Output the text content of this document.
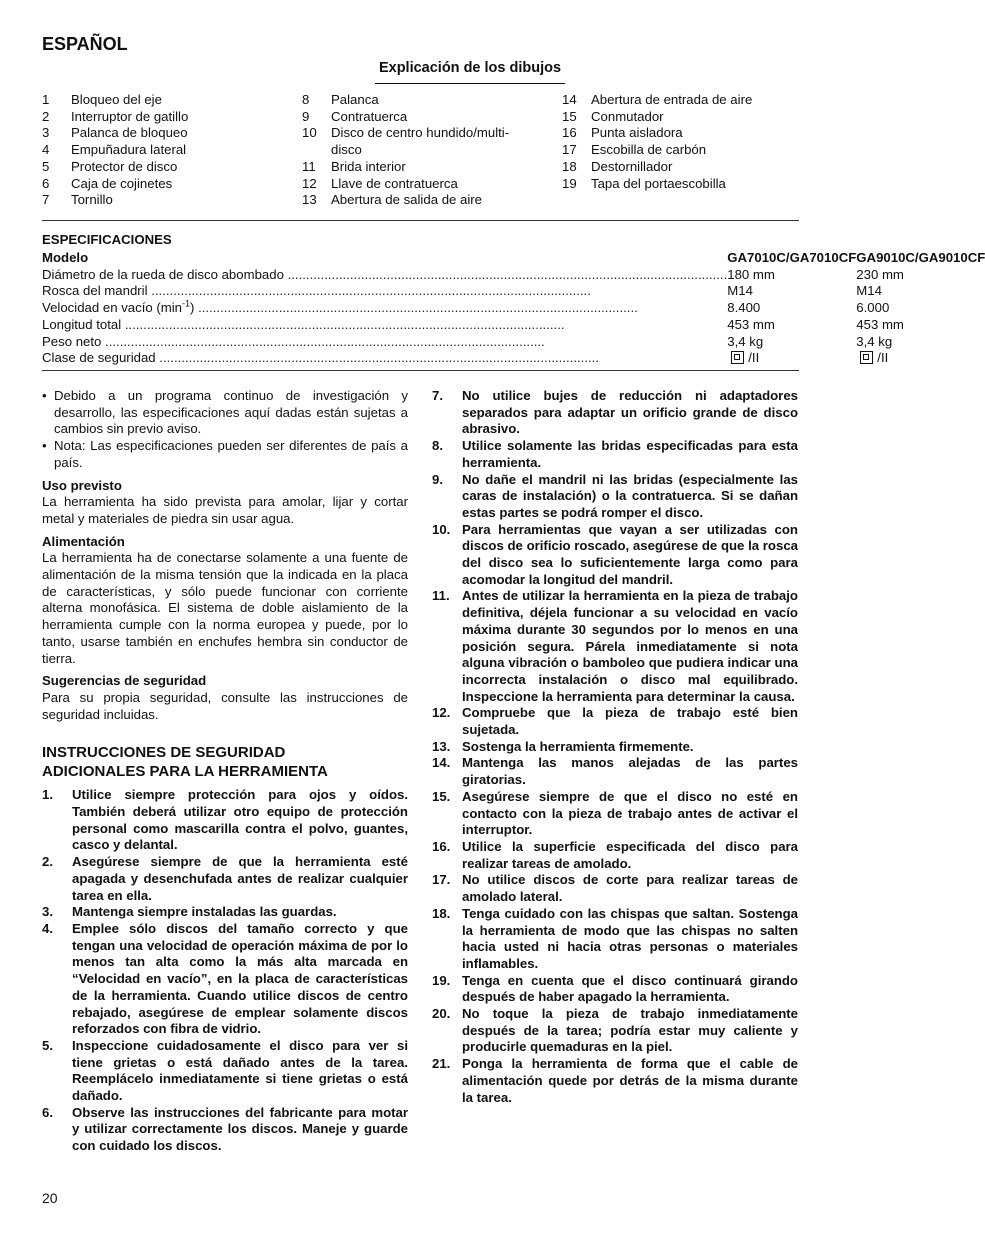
ESPAÑOL
Explicación de los dibujos
1	Bloqueo del eje
2	Interruptor de gatillo
3	Palanca de bloqueo
4	Empuñadura lateral
5	Protector de disco
6	Caja de cojinetes
7	Tornillo
8	Palanca
9	Contratuerca
10	Disco de centro hundido/multi-
disco
11	Brida interior
12	Llave de contratuerca
13	Abertura de salida de aire
14	Abertura de entrada de aire
15	Conmutador
16	Punta aisladora
17	Escobilla de carbón
18	Destornillador
19	Tapa del portaescobilla
ESPECIFICACIONES
Modelo	GA7010C/GA7010CF	GA9010C/GA9010CF
Diámetro de la rueda de disco abombado ........................................................................................................................	180 mm	230 mm
Rosca del mandril ........................................................................................................................	M14	M14
Velocidad en vacío $(\min^{-1})$ ........................................................................................................................	8.400	6.000
Longitud total ........................................................................................................................	453 mm	453 mm
Peso neto ........................................................................................................................	3,4 kg	3,4 kg
Clase de seguridad ........................................................................................................................	/II	/II
• Debido a un programa continuo de investigación y desarrollo, las especificaciones aquí dadas están sujetas a cambios sin previo aviso.
• Nota: Las especificaciones pueden ser diferentes de país a país.
Uso previsto
La herramienta ha sido prevista para amolar, lijar y cortar metal y materiales de piedra sin usar agua.
Alimentación
La herramienta ha de conectarse solamente a una fuente de alimentación de la misma tensión que la indicada en la placa de características, y sólo puede funcionar con corriente alterna monofásica. El sistema de doble aislamiento de la herramienta cumple con la norma europea y puede, por lo tanto, usarse también en enchufes hembra sin conductor de tierra.
Sugerencias de seguridad
Para su propia seguridad, consulte las instrucciones de seguridad incluidas.
INSTRUCCIONES DE SEGURIDAD
ADICIONALES PARA LA HERRAMIENTA
1.	Utilice siempre protección para ojos y oídos. También deberá utilizar otro equipo de protección personal como mascarilla contra el polvo, guantes, casco y delantal.
2.	Asegúrese siempre de que la herramienta esté apagada y desenchufada antes de realizar cualquier tarea en ella.
3.	Mantenga siempre instaladas las guardas.
4.	Emplee sólo discos del tamaño correcto y que tengan una velocidad de operación máxima de por lo menos tan alta como la más alta marcada en “Velocidad en vacío”, en la placa de características de la herramienta. Cuando utilice discos de centro rebajado, asegúrese de emplear solamente discos reforzados con fibra de vidrio.
5.	Inspeccione cuidadosamente el disco para ver si tiene grietas o está dañado antes de la tarea. Reemplácelo inmediatamente si tiene grietas o está dañado.
6.	Observe las instrucciones del fabricante para motar y utilizar correctamente los discos. Maneje y guarde con cuidado los discos.
7.	No utilice bujes de reducción ni adaptadores separados para adaptar un orificio grande de disco abrasivo.
8.	Utilice solamente las bridas especificadas para esta herramienta.
9.	No dañe el mandril ni las bridas (especialmente las caras de instalación) o la contratuerca. Si se dañan estas partes se podrá romper el disco.
10. Para herramientas que vayan a ser utilizadas con discos de orificio roscado, asegúrese de que la rosca del disco sea lo suficientemente larga como para acomodar la longitud del mandril.
11. Antes de utilizar la herramienta en la pieza de trabajo definitiva, déjela funcionar a su velocidad en vacío máxima durante 30 segundos por lo menos en una posición segura. Párela inmediatamente si nota alguna vibración o bamboleo que pudiera indicar una incorrecta instalación o disco mal equilibrado. Inspeccione la herramienta para determinar la causa.
12. Compruebe que la pieza de trabajo esté bien sujetada.
13. Sostenga la herramienta firmemente.
14. Mantenga las manos alejadas de las partes giratorias.
15. Asegúrese siempre de que el disco no esté en contacto con la pieza de trabajo antes de activar el interruptor.
16. Utilice la superficie especificada del disco para realizar tareas de amolado.
17. No utilice discos de corte para realizar tareas de amolado lateral.
18. Tenga cuidado con las chispas que saltan. Sostenga la herramienta de modo que las chispas no salten hacia usted ni hacia otras personas o materiales inflamables.
19. Tenga en cuenta que el disco continuará girando después de haber apagado la herramienta.
20. No toque la pieza de trabajo inmediatamente después de la tarea; podría estar muy caliente y producirle quemaduras en la piel.
21. Ponga la herramienta de forma que el cable de alimentación quede por detrás de la misma durante la tarea.
20
